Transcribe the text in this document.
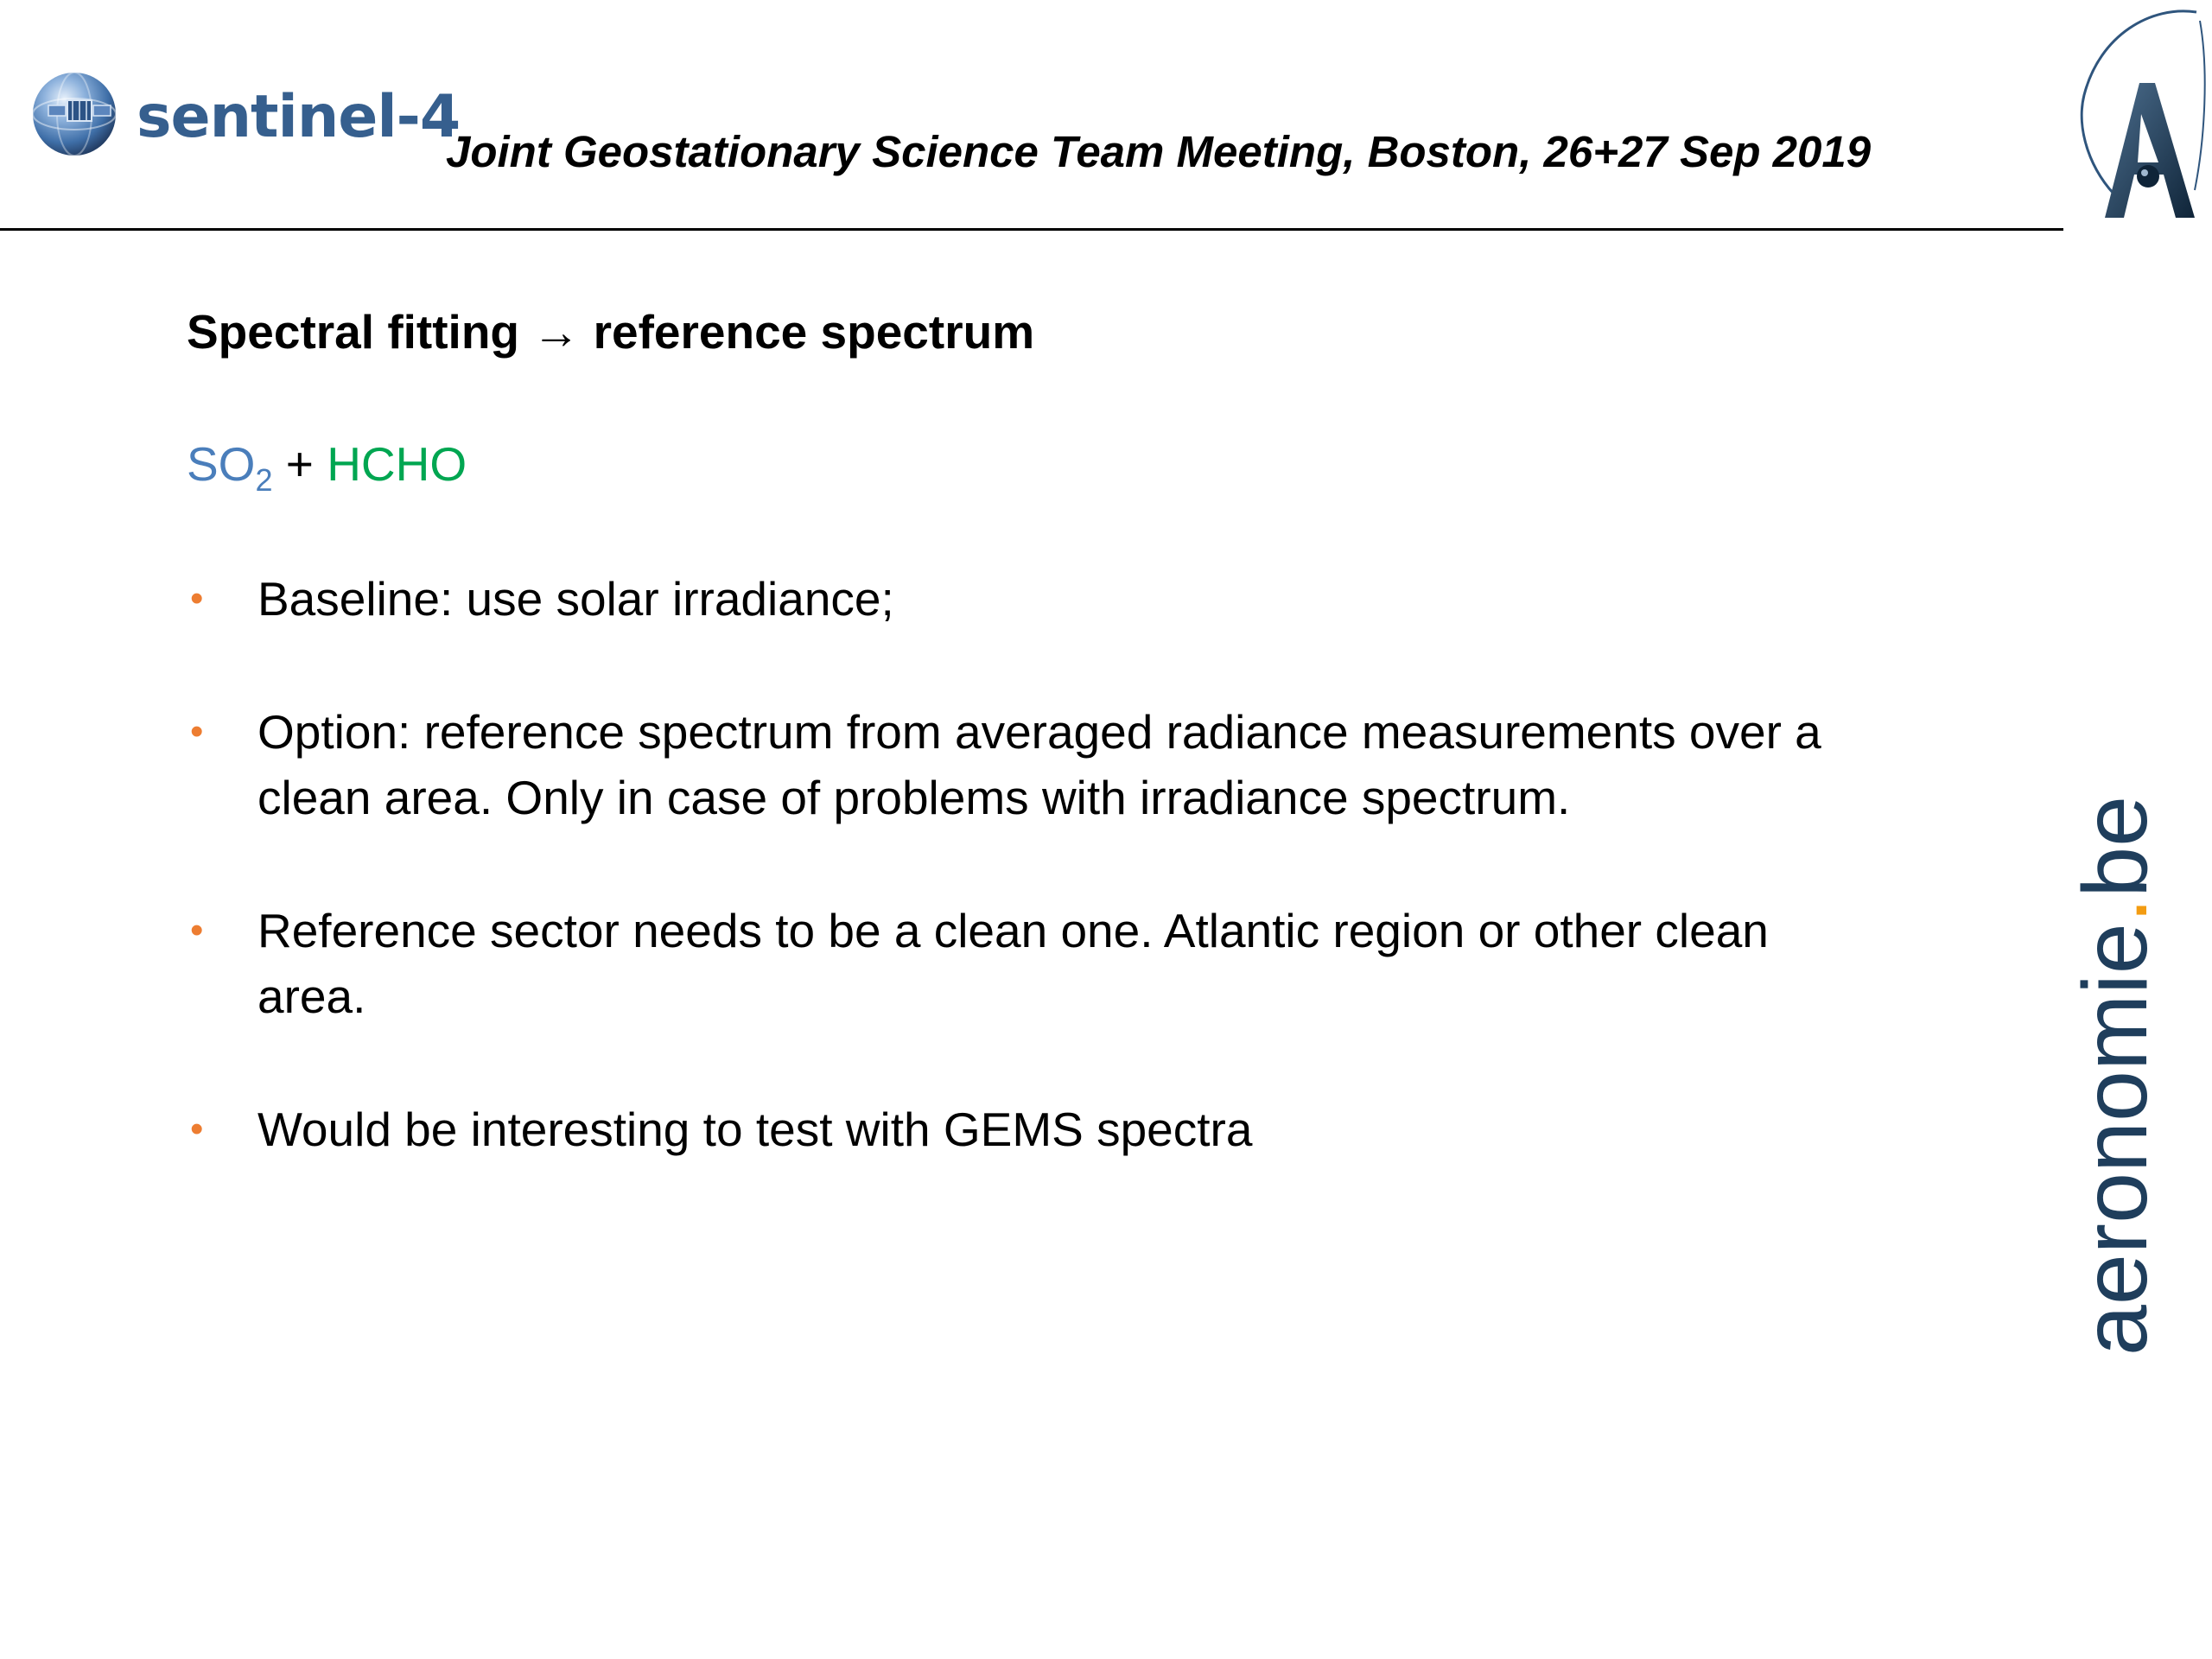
sentinel-4
Joint Geostationary Science Team Meeting, Boston, 26+27 Sep 2019
aeronomie.be
Spectral fitting → reference spectrum
$SO_2$ + HCHO
• Baseline: use solar irradiance;
• Option: reference spectrum from averaged radiance measurements over a clean area. Only in case of problems with irradiance spectrum.
• Reference sector needs to be a clean one. Atlantic region or other clean area.
• Would be interesting to test with GEMS spectra
